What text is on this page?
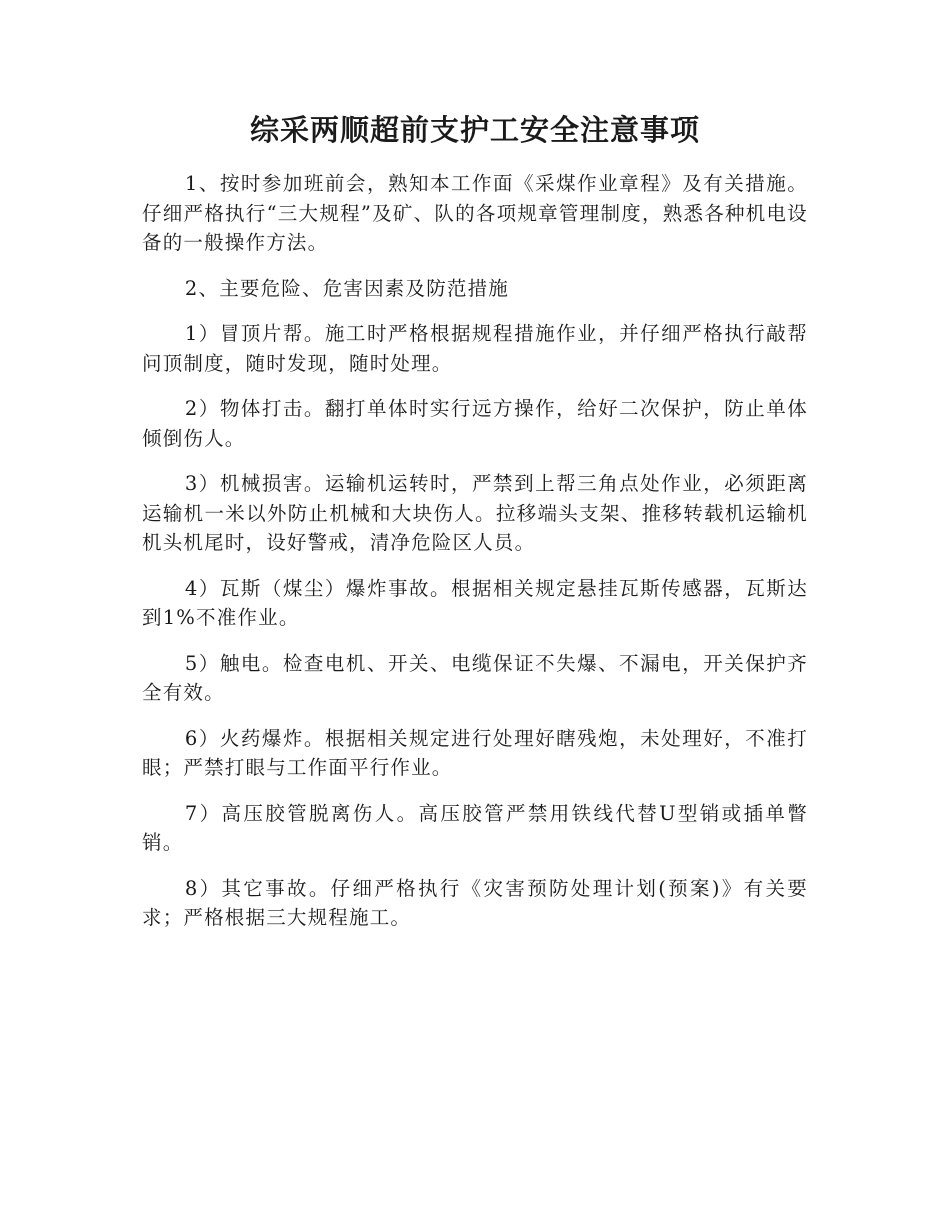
综采两顺超前支护工安全注意事项

1、按时参加班前会，熟知本工作面《采煤作业章程》及有关措施。 仔细严格执行“三大规程”及矿、队的各项规章管理制度，熟悉各种机电设备的一般操作方法。

2、主要危险、危害因素及防范措施

1）冒顶片帮。施工时严格根据规程措施作业，并仔细严格执行敲帮问顶制度，随时发现，随时处理。

2）物体打击。翻打单体时实行远方操作，给好二次保护，防止单体倾倒伤人。

3）机械损害。运输机运转时，严禁到上帮三角点处作业，必须距离运输机一米以外防止机械和大块伤人。拉移端头支架、推移转载机运输机机头机尾时，设好警戒，清净危险区人员。

4）瓦斯（煤尘）爆炸事故。根据相关规定悬挂瓦斯传感器，瓦斯达到1%不准作业。

5）触电。检查电机、开关、电缆保证不失爆、不漏电，开关保护齐全有效。

6）火药爆炸。根据相关规定进行处理好瞎残炮，未处理好，不准打眼；严禁打眼与工作面平行作业。

7）高压胶管脱离伤人。高压胶管严禁用铁线代替U型销或插单瞥销。

8）其它事故。仔细严格执行《灾害预防处理计划(预案)》有关要求；严格根据三大规程施工。
